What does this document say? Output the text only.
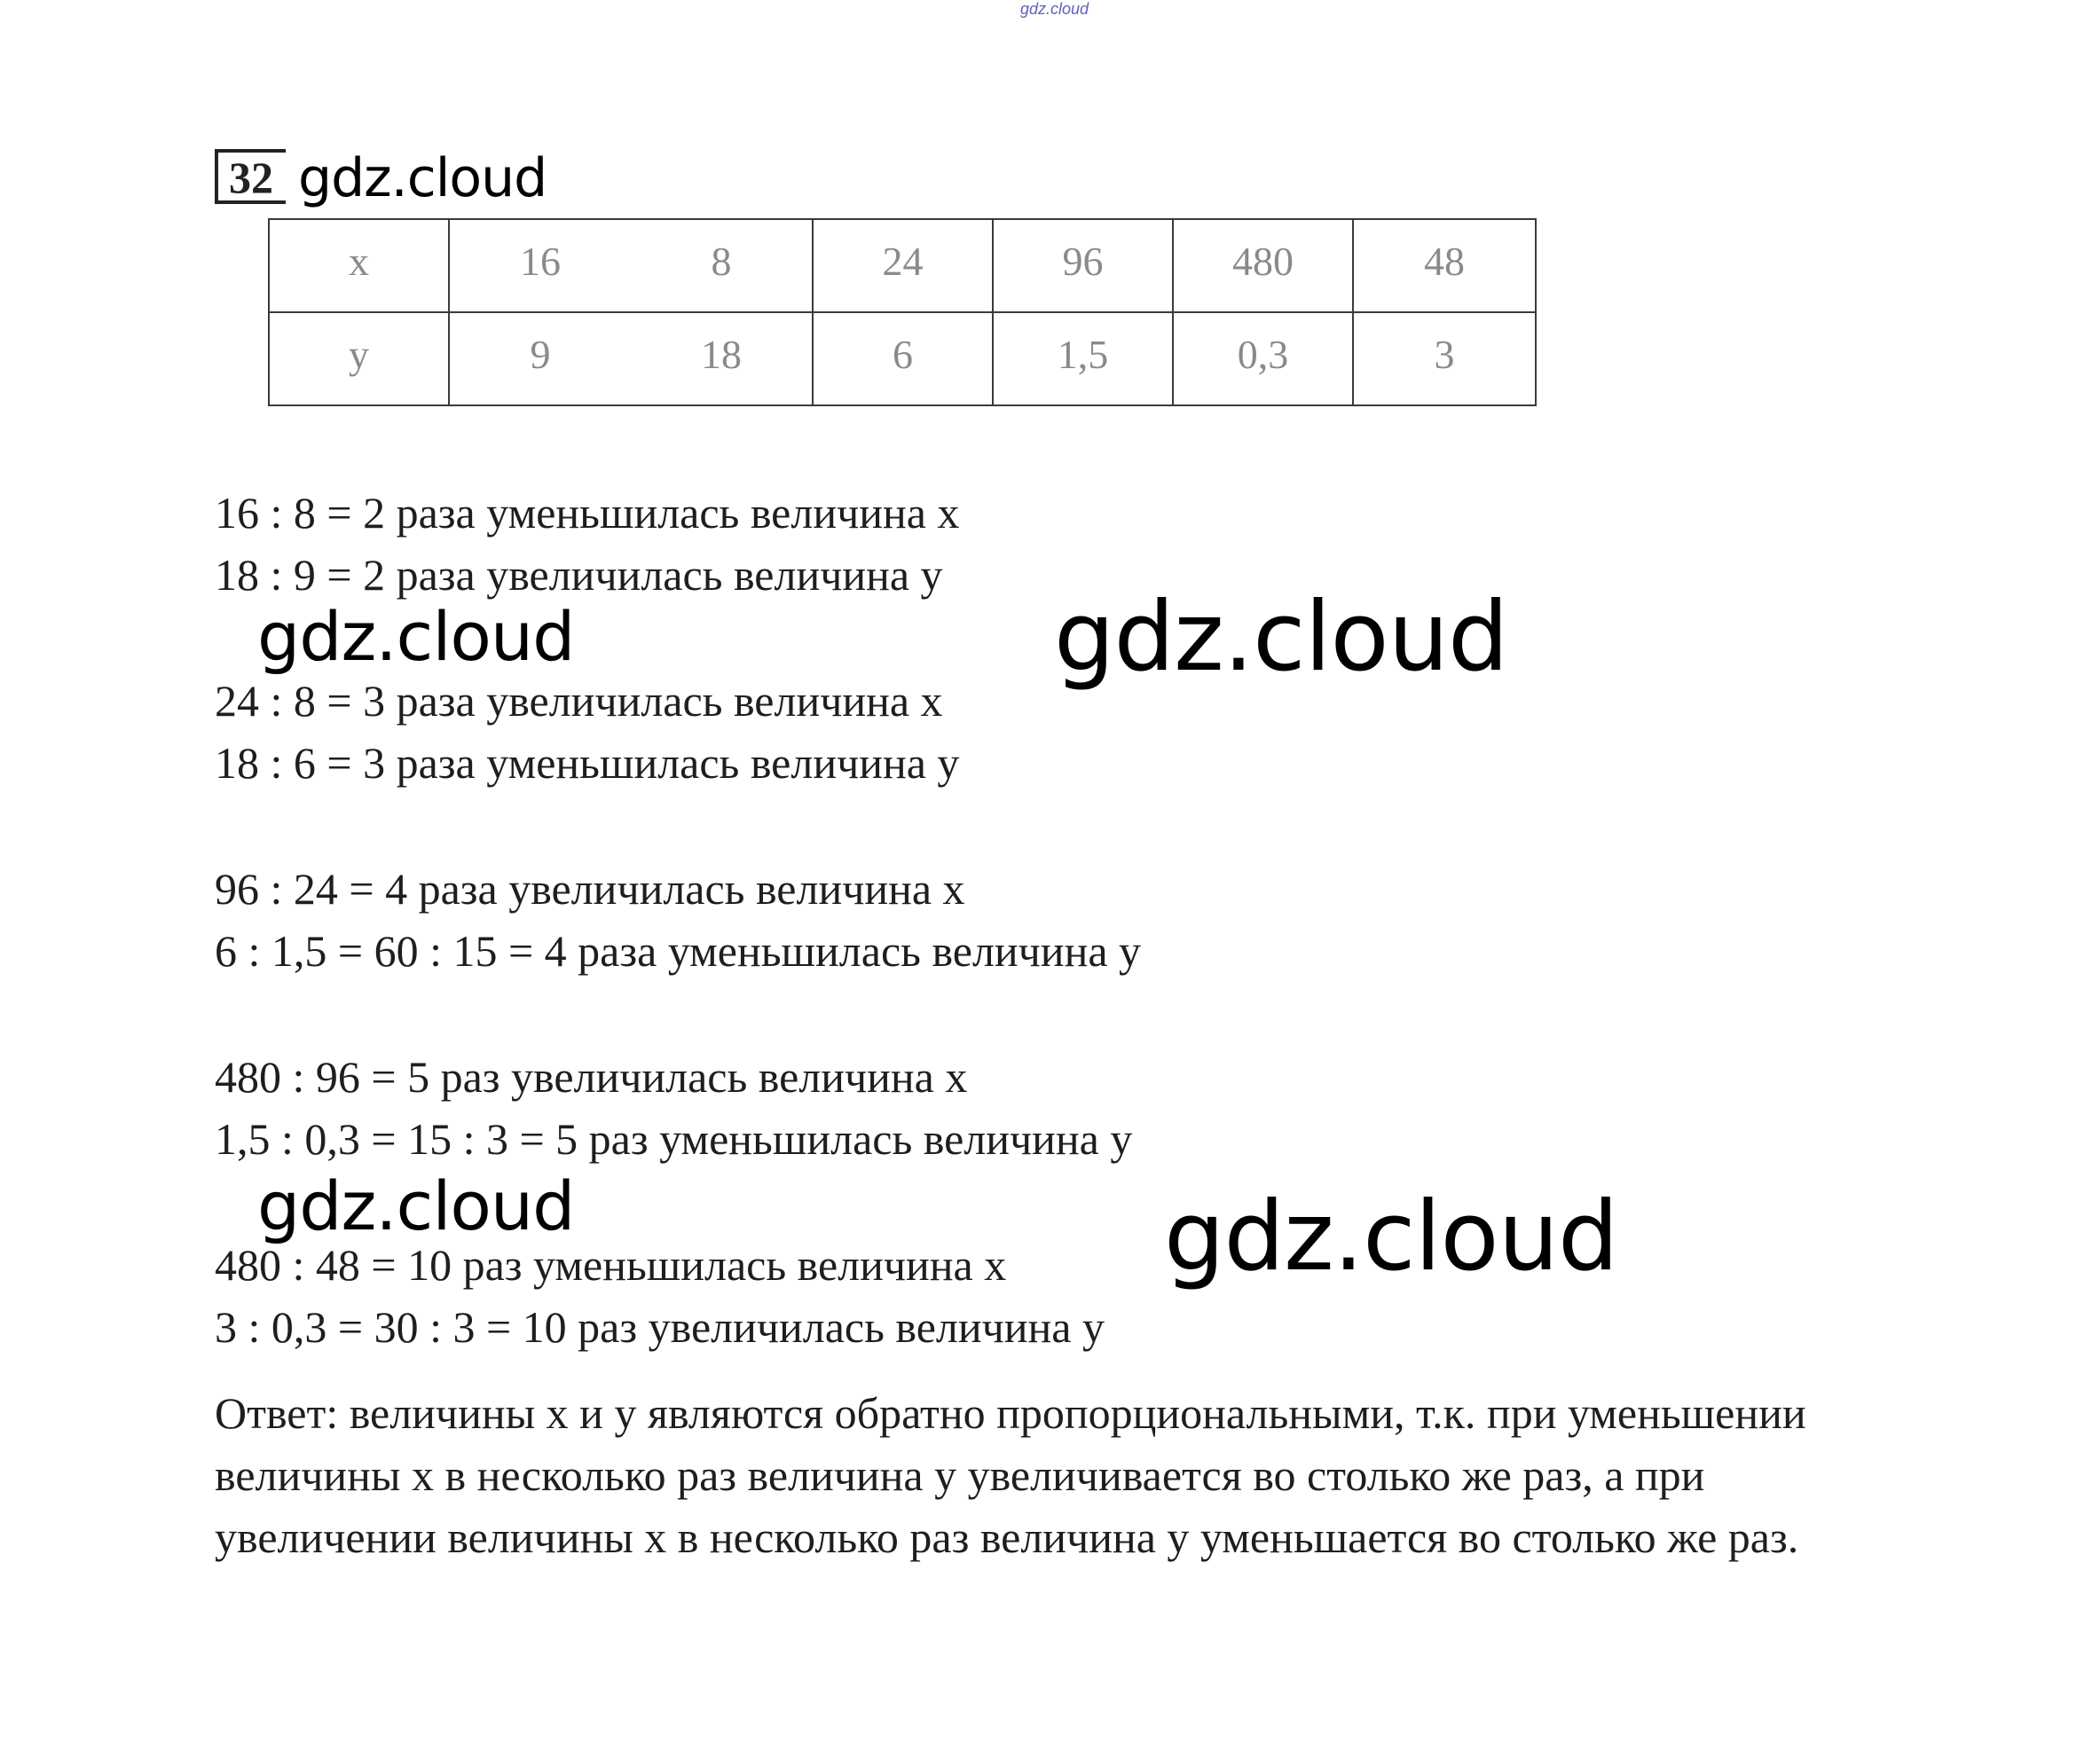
gdz.cloud
32 gdz.cloud
x	16 8	24	96	480	48
y	9 18	6	1,5	0,3	3
16 : 8 = 2 раза уменьшилась величина х
18 : 9 = 2 раза увеличилась величина у
24 : 8 = 3 раза увеличилась величина х
18 : 6 = 3 раза уменьшилась величина у
96 : 24 = 4 раза увеличилась величина х
6 : 1,5 = 60 : 15 = 4 раза уменьшилась величина у
480 : 96 = 5 раз увеличилась величина х
1,5 : 0,3 = 15 : 3 = 5 раз уменьшилась величина у
480 : 48 = 10 раз уменьшилась величина х
3 : 0,3 = 30 : 3 = 10 раз увеличилась величина у
Ответ: величины х и у являются обратно пропорциональными, т.к. при уменьшении величины х в несколько раз величина у увеличивается во столько же раз, а при увеличении величины х в несколько раз величина у уменьшается во столько же раз.
gdz.cloud	gdz.cloud
gdz.cloud	gdz.cloud
